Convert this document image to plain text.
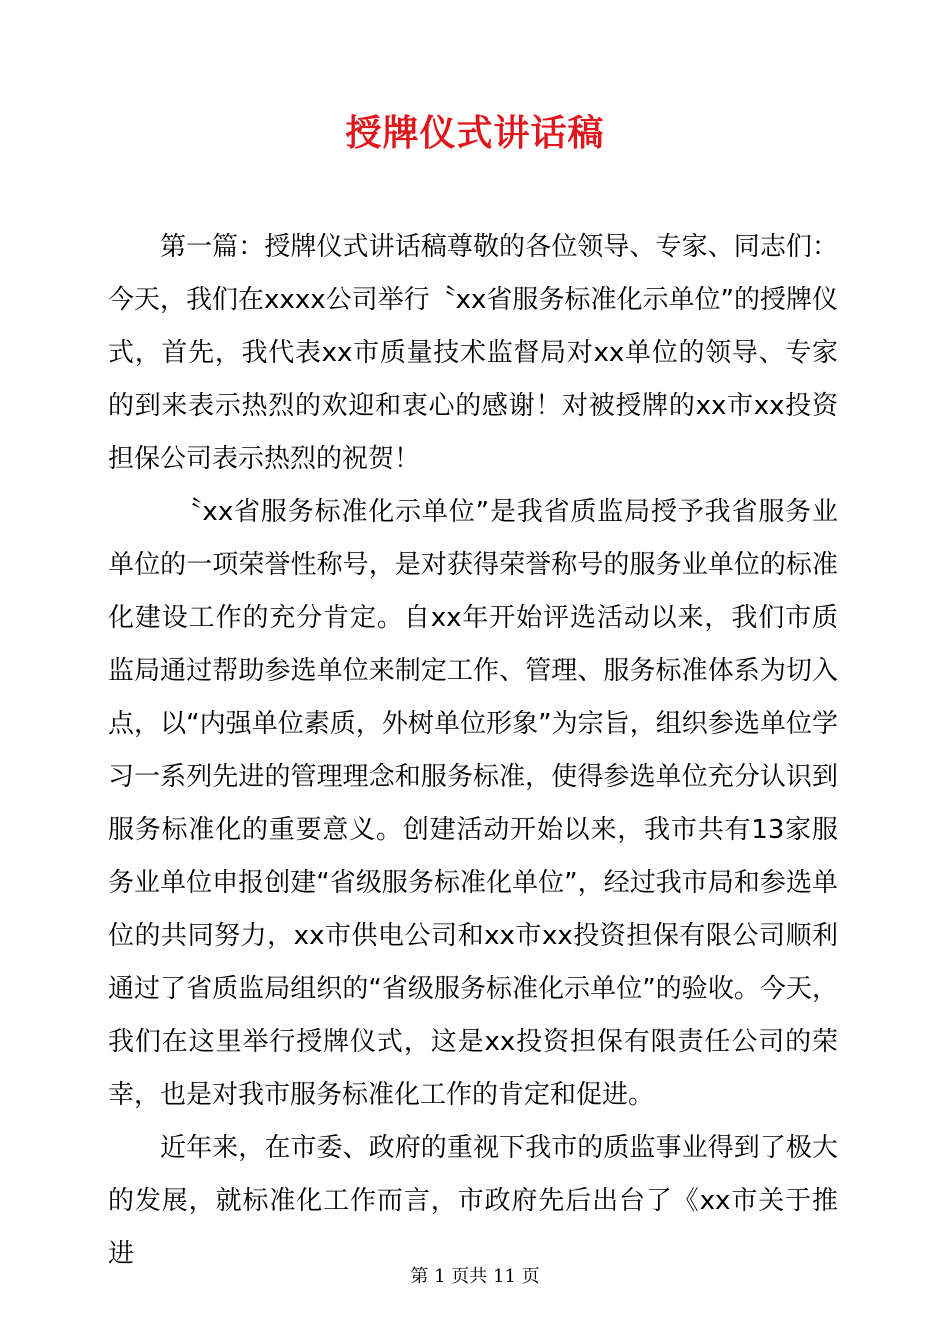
授牌仪式讲话稿

第一篇：授牌仪式讲话稿尊敬的各位领导、专家、同志们：今天，我们在xxxx公司举行〝xx省服务标准化示单位”的授牌仪式，首先，我代表xx市质量技术监督局对xx单位的领导、专家的到来表示热烈的欢迎和衷心的感谢！对被授牌的xx市xx投资担保公司表示热烈的祝贺！

〝xx省服务标准化示单位”是我省质监局授予我省服务业单位的一项荣誉性称号，是对获得荣誉称号的服务业单位的标准化建设工作的充分肯定。自xx年开始评选活动以来，我们市质监局通过帮助参选单位来制定工作、管理、服务标准体系为切入点，以“内强单位素质，外树单位形象”为宗旨，组织参选单位学习一系列先进的管理理念和服务标准，使得参选单位充分认识到服务标准化的重要意义。创建活动开始以来，我市共有13家服务业单位申报创建“省级服务标准化单位”，经过我市局和参选单位的共同努力，xx市供电公司和xx市xx投资担保有限公司顺利通过了省质监局组织的“省级服务标准化示单位”的验收。今天，我们在这里举行授牌仪式，这是xx投资担保有限责任公司的荣幸，也是对我市服务标准化工作的肯定和促进。

近年来，在市委、政府的重视下我市的质监事业得到了极大的发展，就标准化工作而言，市政府先后出台了《xx市关于推进

第 1 页共 11 页
